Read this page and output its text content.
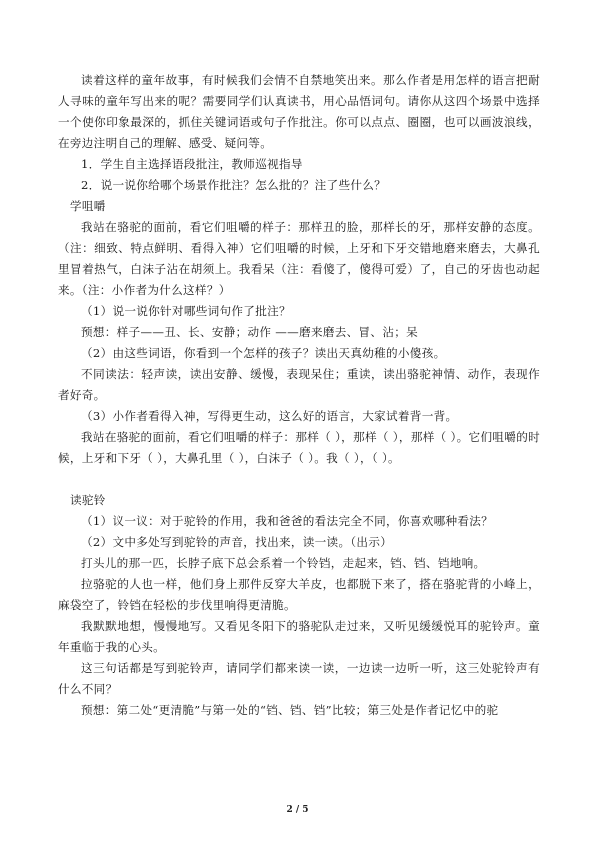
读着这样的童年故事，有时候我们会情不自禁地笑出来。那么作者是用怎样的语言把耐人寻味的童年写出来的呢？需要同学们认真读书，用心品悟词句。请你从这四个场景中选择一个使你印象最深的，抓住关键词语或句子作批注。你可以点点、圈圈，也可以画波浪线，在旁边注明自己的理解、感受、疑问等。

1．学生自主选择语段批注，教师巡视指导

2．说一说你给哪个场景作批注？怎么批的？注了些什么？

学咀嚼

我站在骆驼的面前，看它们咀嚼的样子：那样丑的脸，那样长的牙，那样安静的态度。（注：细致、特点鲜明、看得入神）它们咀嚼的时候，上牙和下牙交错地磨来磨去，大鼻孔里冒着热气，白沫子沾在胡须上。我看呆（注：看傻了，傻得可爱）了，自己的牙齿也动起来。（注：小作者为什么这样？）

（1）说一说你针对哪些词句作了批注？

预想：样子——丑、长、安静；动作 ——磨来磨去、冒、沾；呆

（2）由这些词语，你看到一个怎样的孩子？读出天真幼稚的小傻孩。

不同读法：轻声读，读出安静、缓慢，表现呆住；重读，读出骆驼神情、动作，表现作者好奇。

（3）小作者看得入神，写得更生动，这么好的语言，大家试着背一背。

我站在骆驼的面前，看它们咀嚼的样子：那样（ ），那样（ ），那样（ ）。它们咀嚼的时候，上牙和下牙（ ），大鼻孔里（ ），白沫子（ ）。我（ ），（ ）。

读驼铃

（1）议一议：对于驼铃的作用，我和爸爸的看法完全不同，你喜欢哪种看法？

（2）文中多处写到驼铃的声音，找出来，读一读。（出示）

打头儿的那一匹，长脖子底下总会系着一个铃铛，走起来，铛、铛、铛地响。

拉骆驼的人也一样，他们身上那件反穿大羊皮，也都脱下来了，搭在骆驼背的小峰上，麻袋空了，铃铛在轻松的步伐里响得更清脆。

我默默地想，慢慢地写。又看见冬阳下的骆驼队走过来，又听见缓缓悦耳的驼铃声。童年重临于我的心头。

这三句话都是写到驼铃声，请同学们都来读一读，一边读一边听一听，这三处驼铃声有什么不同？

预想：第二处“更清脆”与第一处的“铛、铛、铛”比较；第三处是作者记忆中的驼

2 / 5
